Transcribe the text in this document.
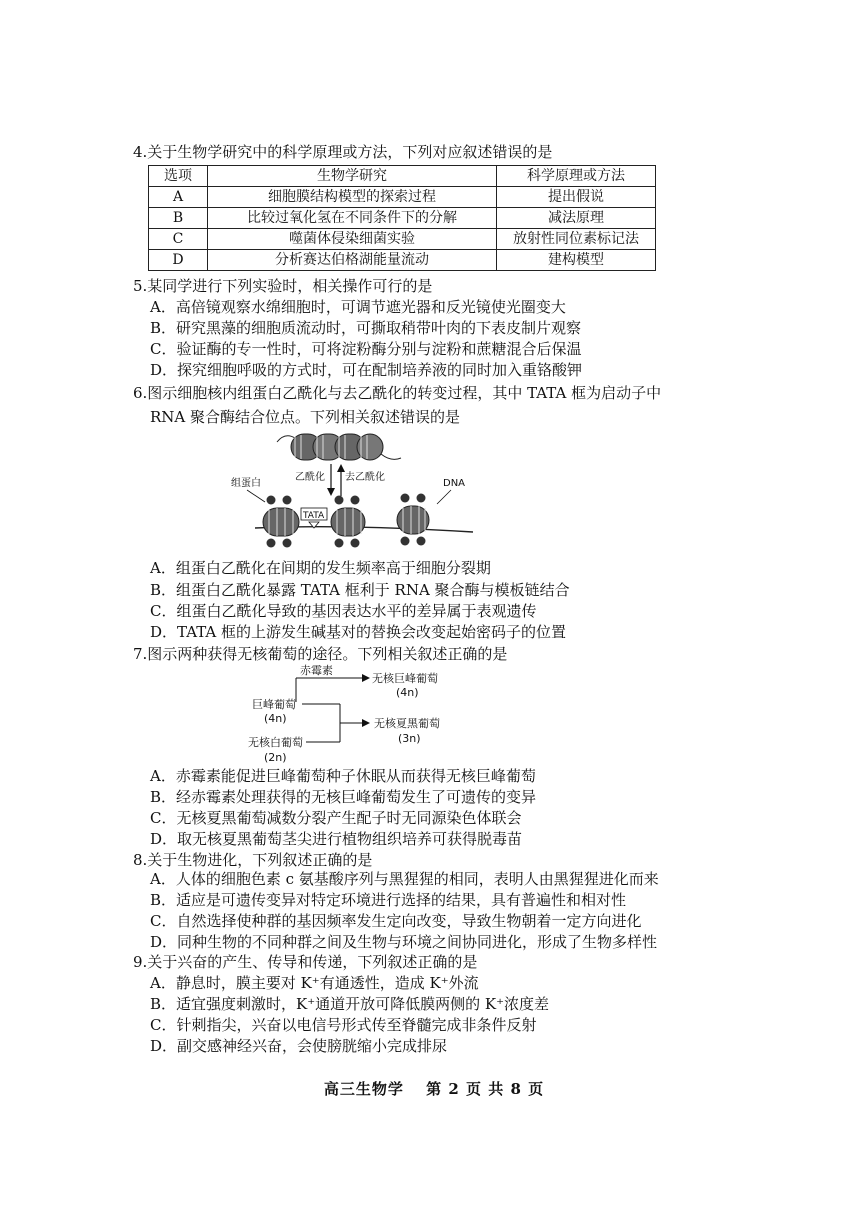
4.关于生物学研究中的科学原理或方法，下列对应叙述错误的是
选项	生物学研究	科学原理或方法
A	细胞膜结构模型的探索过程	提出假说
B	比较过氧化氢在不同条件下的分解	减法原理
C	噬菌体侵染细菌实验	放射性同位素标记法
D	分析赛达伯格湖能量流动	建构模型
5.某同学进行下列实验时，相关操作可行的是
A．高倍镜观察水绵细胞时，可调节遮光器和反光镜使光圈变大
B．研究黑藻的细胞质流动时，可撕取稍带叶肉的下表皮制片观察
C．验证酶的专一性时，可将淀粉酶分别与淀粉和蔗糖混合后保温
D．探究细胞呼吸的方式时，可在配制培养液的同时加入重铬酸钾
6.图示细胞核内组蛋白乙酰化与去乙酰化的转变过程，其中 TATA 框为启动子中
RNA 聚合酶结合位点。下列相关叙述错误的是
乙酰化 去乙酰化
组蛋白	DNA
TATA
A．组蛋白乙酰化在间期的发生频率高于细胞分裂期
B．组蛋白乙酰化暴露 TATA 框利于 RNA 聚合酶与模板链结合
C．组蛋白乙酰化导致的基因表达水平的差异属于表观遗传
D．TATA 框的上游发生碱基对的替换会改变起始密码子的位置
7.图示两种获得无核葡萄的途径。下列相关叙述正确的是
赤霉素
无核巨峰葡萄
(4n)
巨峰葡萄
(4n)	无核夏黑葡萄
(3n)
无核白葡萄
(2n)
A．赤霉素能促进巨峰葡萄种子休眠从而获得无核巨峰葡萄
B．经赤霉素处理获得的无核巨峰葡萄发生了可遗传的变异
C．无核夏黑葡萄减数分裂产生配子时无同源染色体联会
D．取无核夏黑葡萄茎尖进行植物组织培养可获得脱毒苗
8.关于生物进化，下列叙述正确的是
A．人体的细胞色素 c 氨基酸序列与黑猩猩的相同，表明人由黑猩猩进化而来
B．适应是可遗传变异对特定环境进行选择的结果，具有普遍性和相对性
C．自然选择使种群的基因频率发生定向改变，导致生物朝着一定方向进化
D．同种生物的不同种群之间及生物与环境之间协同进化，形成了生物多样性
9.关于兴奋的产生、传导和传递，下列叙述正确的是
A．静息时，膜主要对 K⁺有通透性，造成 K⁺外流
B．适宜强度刺激时，K⁺通道开放可降低膜两侧的 K⁺浓度差
C．针刺指尖，兴奋以电信号形式传至脊髓完成非条件反射
D．副交感神经兴奋，会使膀胱缩小完成排尿
高三生物学　 第 2 页 共 8 页
